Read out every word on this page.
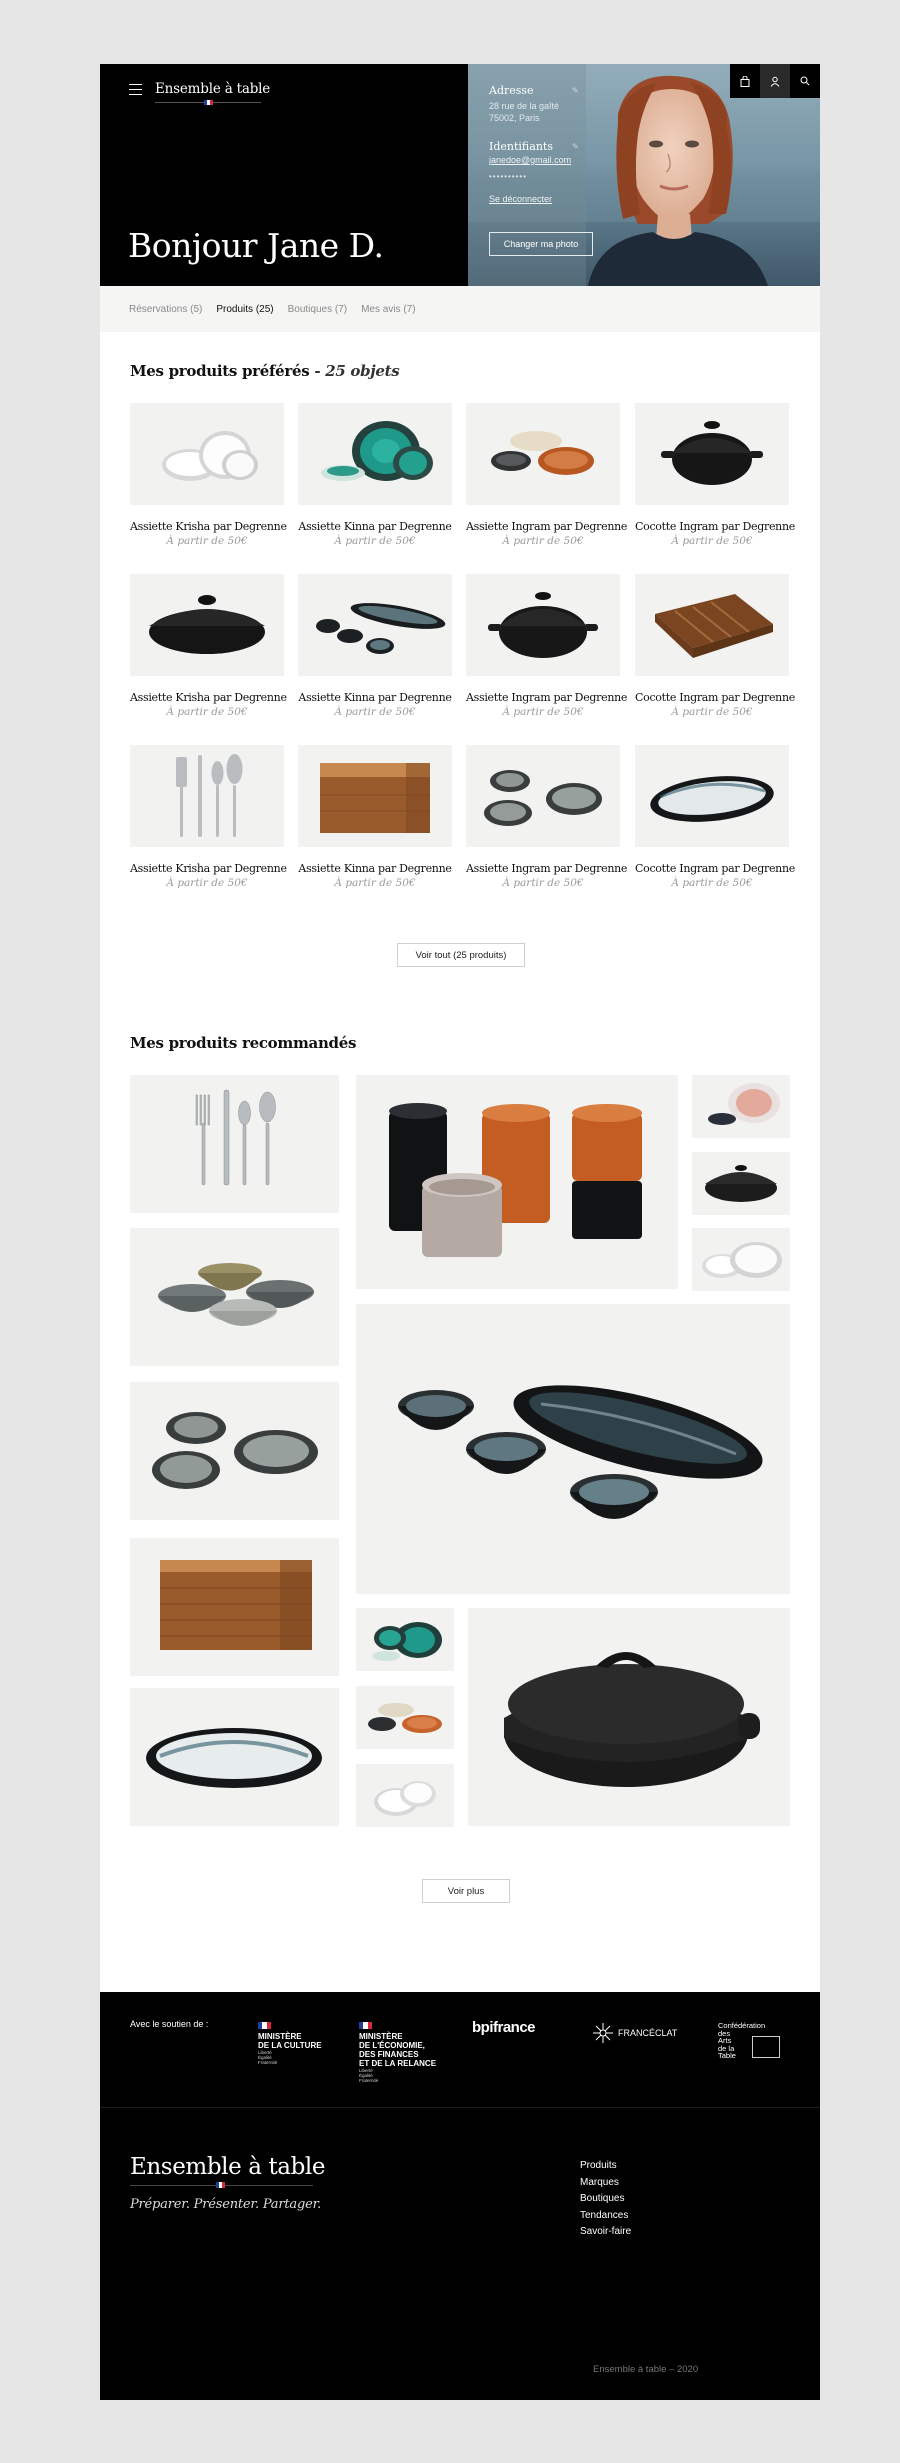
Ensemble à table
Bonjour Jane D.
Adresse	✎
28 rue de la gaîté
75002, Paris
Identifiants ✎
janedoe@gmail.com
••••••••••
Se déconnecter
Changer ma photo
Réservations (5) Produits (25) Boutiques (7) Mes avis (7)
Mes produits préférés - 25 objets
Assiette Krisha par Degrenne
À partir de 50€
Assiette Kinna par Degrenne
À partir de 50€
Assiette Ingram par Degrenne
À partir de 50€
Cocotte Ingram par Degrenne
À partir de 50€
Assiette Krisha par Degrenne
À partir de 50€
Assiette Kinna par Degrenne
À partir de 50€
Assiette Ingram par Degrenne
À partir de 50€
Cocotte Ingram par Degrenne
À partir de 50€
Assiette Krisha par Degrenne
À partir de 50€
Assiette Kinna par Degrenne
À partir de 50€
Assiette Ingram par Degrenne
À partir de 50€
Cocotte Ingram par Degrenne
À partir de 50€
Voir tout (25 produits)
Mes produits recommandés
Voir plus
Avec le soutien de :
MINISTÈRE
DE LA CULTURE
Liberté
Égalité
Fraternité
MINISTÈRE
DE L'ÉCONOMIE,
DES FINANCES
ET DE LA RELANCE
Liberté
Égalité
Fraternité
bpifrance	FRANCÉCLAT
Confédération
des
Arts
de la
Table
Ensemble à table
Préparer. Présenter. Partager.
Produits
Marques
Boutiques
Tendances
Savoir-faire
Ensemble à table – 2020
